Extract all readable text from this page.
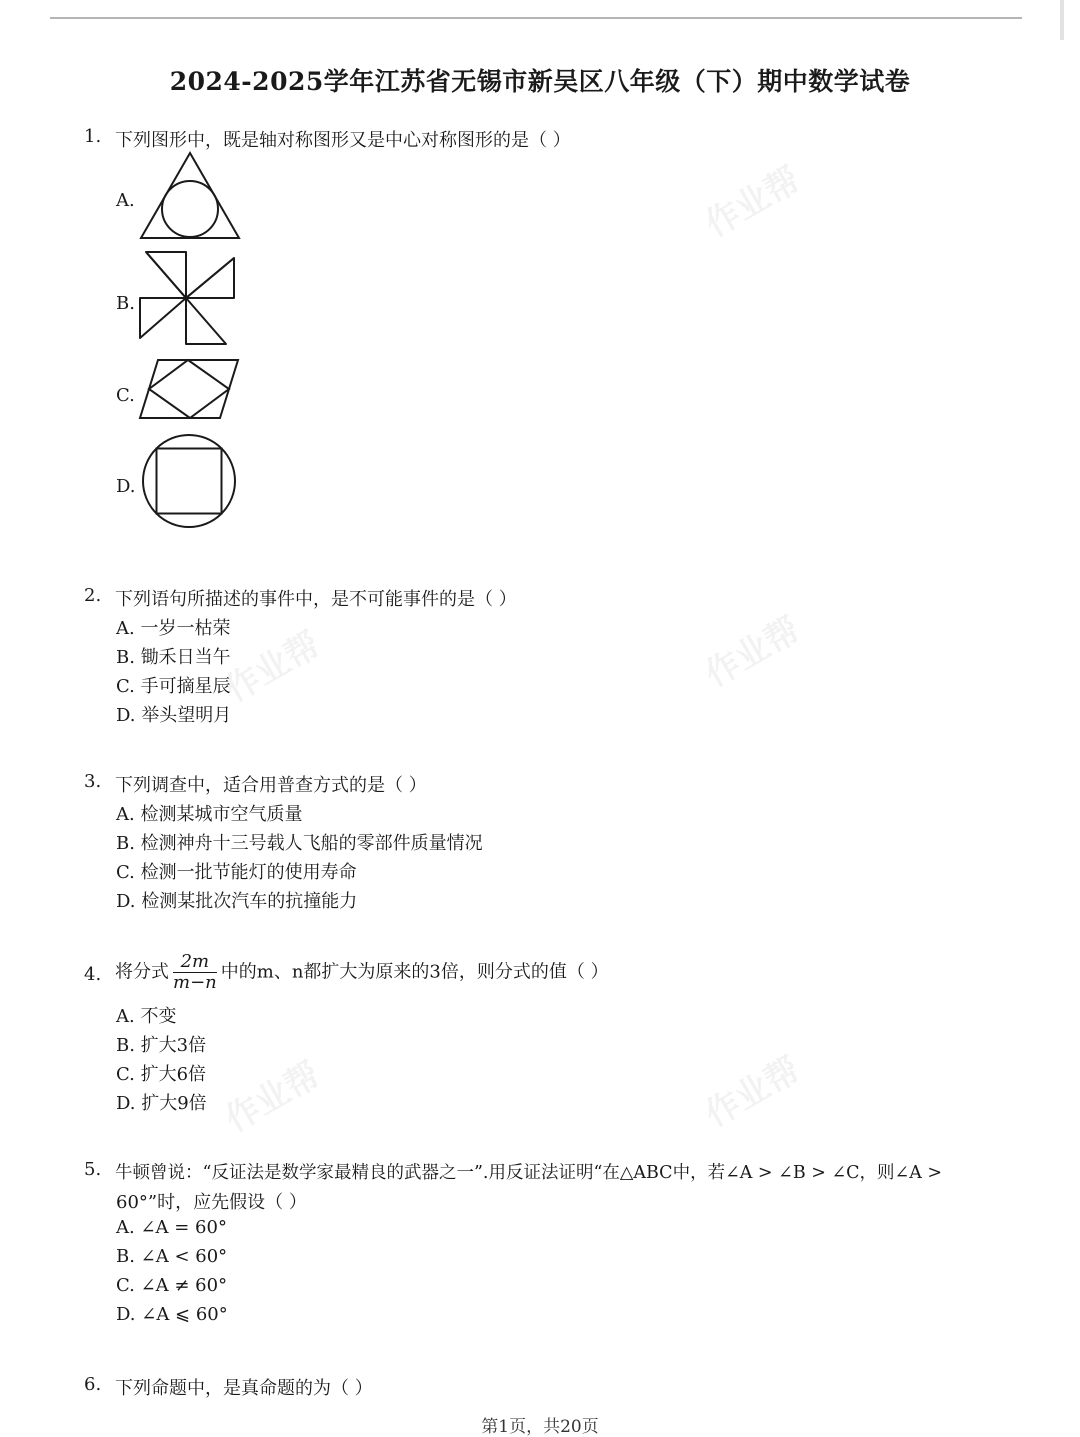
作业帮
作业帮
作业帮
作业帮
作业帮
2024-2025学年江苏省无锡市新吴区八年级（下）期中数学试卷
1. 下列图形中，既是轴对称图形又是中心对称图形的是（ ）
A.
B.
C.
D.
2. 下列语句所描述的事件中，是不可能事件的是（ ）
A. 一岁一枯荣
B. 锄禾日当午
C. 手可摘星辰
D. 举头望明月
3. 下列调查中，适合用普查方式的是（ ）
A. 检测某城市空气质量
B. 检测神舟十三号载人飞船的零部件质量情况
C. 检测一批节能灯的使用寿命
D. 检测某批次汽车的抗撞能力
4. 将分式 $\frac{2m}{m-n}$ 中的m、n都扩大为原来的3倍，则分式的值（ ）
A. 不变
B. 扩大3倍
C. 扩大6倍
D. 扩大9倍
5. 牛顿曾说：“反证法是数学家最精良的武器之一”.用反证法证明“在△ABC中，若∠A > ∠B > ∠C，则∠A >
60°”时，应先假设（ ）
A. ∠A = 60°
B. ∠A < 60°
C. ∠A ≠ 60°
D. ∠A ⩽ 60°
6. 下列命题中，是真命题的为（ ）
第1页，共20页
